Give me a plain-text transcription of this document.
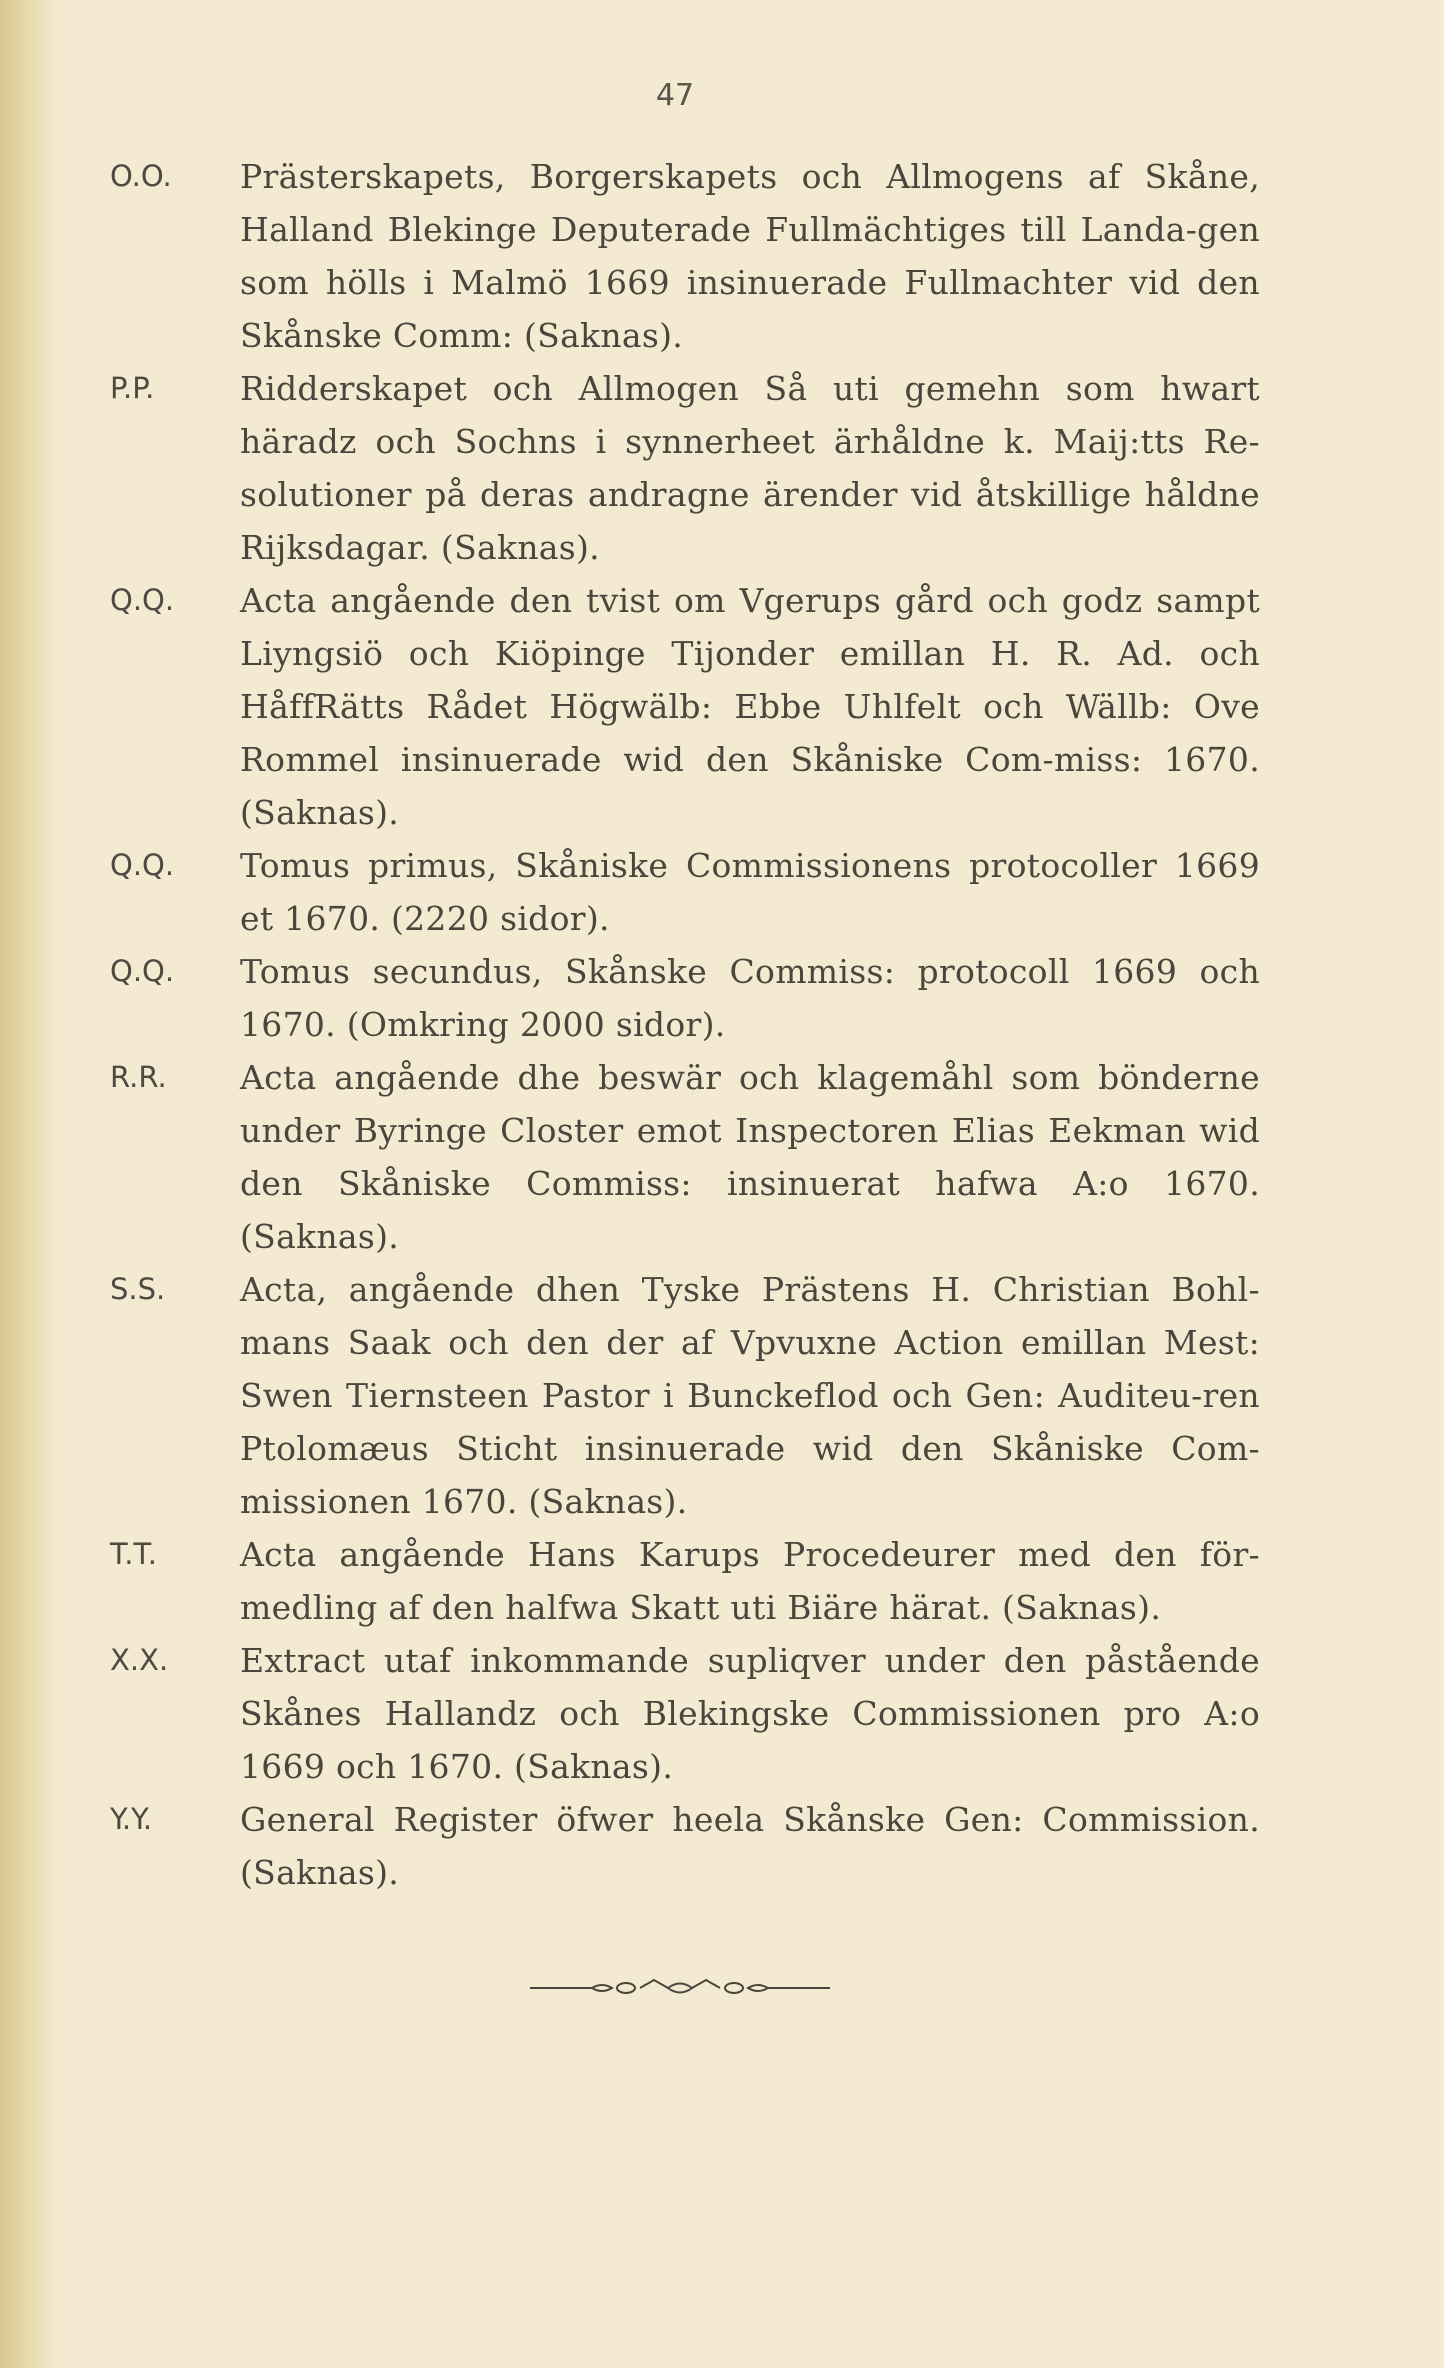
47
O.O.	Prästerskapets, Borgerskapets och Allmogens af Skåne, Halland Blekinge Deputerade Fullmächtiges till Landa-gen som hölls i Malmö 1669 insinuerade Fullmachter vid den Skånske Comm: (Saknas).
P.P.	Ridderskapet och Allmogen Så uti gemehn som hwart häradz och Sochns i synnerheet ärhåldne k. Maij:tts Re-solutioner på deras andragne ärender vid åtskillige håldne Rijksdagar. (Saknas).
Q.Q.	Acta angående den tvist om Vgerups gård och godz sampt Liyngsiö och Kiöpinge Tijonder emillan H. R. Ad. och HåffRätts Rådet Högwälb: Ebbe Uhlfelt och Wällb: Ove Rommel insinuerade wid den Skåniske Com-miss: 1670. (Saknas).
Q.Q.	Tomus primus, Skåniske Commissionens protocoller 1669 et 1670. (2220 sidor).
Q.Q.	Tomus secundus, Skånske Commiss: protocoll 1669 och 1670. (Omkring 2000 sidor).
R.R.	Acta angående dhe beswär och klagemåhl som bönderne under Byringe Closter emot Inspectoren Elias Eekman wid den Skåniske Commiss: insinuerat hafwa A:o 1670. (Saknas).
S.S.	Acta, angående dhen Tyske Prästens H. Christian Bohl-mans Saak och den der af Vpvuxne Action emillan Mest: Swen Tiernsteen Pastor i Bunckeflod och Gen: Auditeu-ren Ptolomæus Sticht insinuerade wid den Skåniske Com-missionen 1670. (Saknas).
T.T.	Acta angående Hans Karups Procedeurer med den för-medling af den halfwa Skatt uti Biäre härat. (Saknas).
X.X.	Extract utaf inkommande supliqver under den påstående Skånes Hallandz och Blekingske Commissionen pro A:o 1669 och 1670. (Saknas).
Y.Y.	General Register öfwer heela Skånske Gen: Commission. (Saknas).
